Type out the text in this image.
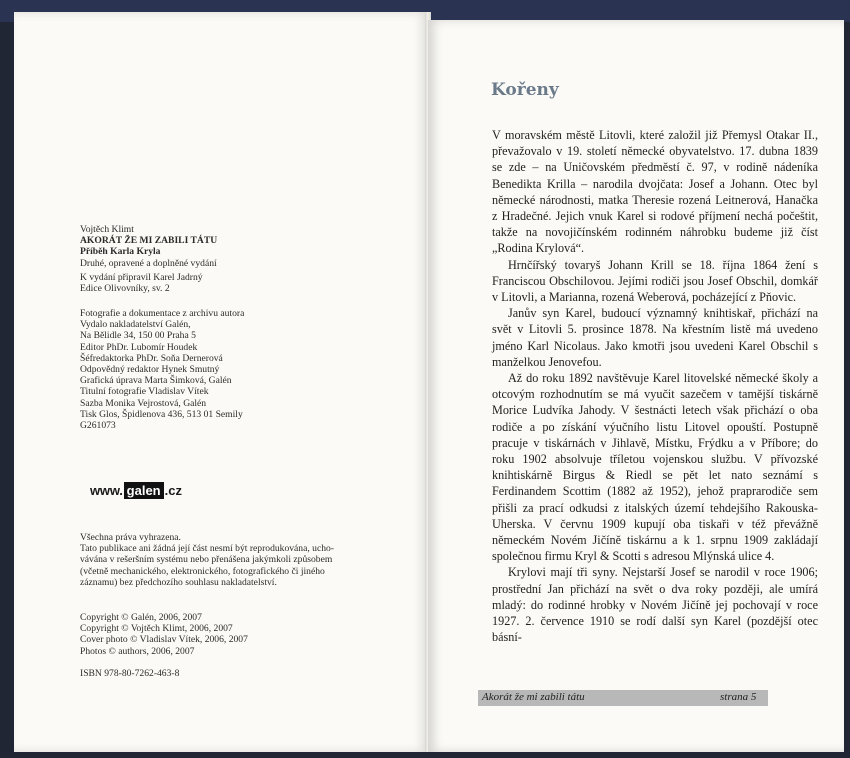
Vojtěch Klimt
AKORÁT ŽE MI ZABILI TÁTU
Příběh Karla Kryla
Druhé, opravené a doplněné vydání
K vydání připravil Karel Jadrný
Edice Olivovníky, sv. 2
Fotografie a dokumentace z archivu autora
Vydalo nakladatelství Galén,
Na Bělidle 34, 150 00 Praha 5
Editor PhDr. Lubomír Houdek
Šéfredaktorka PhDr. Soňa Dernerová
Odpovědný redaktor Hynek Smutný
Grafická úprava Marta Šimková, Galén
Titulní fotografie Vladislav Vítek
Sazba Monika Vejrostová, Galén
Tisk Glos, Špidlenova 436, 513 01 Semily
G261073
www. galen .cz
Všechna práva vyhrazena.
Tato publikace ani žádná její část nesmí být reprodukována, ucho-
vávána v rešeršním systému nebo přenášena jakýmkoli způsobem
(včetně mechanického, elektronického, fotografického či jiného
záznamu) bez předchozího souhlasu nakladatelství.
Copyright © Galén, 2006, 2007
Copyright © Vojtěch Klimt, 2006, 2007
Cover photo © Vladislav Vítek, 2006, 2007
Photos © authors, 2006, 2007
ISBN 978-80-7262-463-8
Kořeny

V moravském městě Litovli, které založil již Přemysl Otakar II., převažovalo v 19. století německé obyvatelstvo. 17. dubna 1839 se zde – na Uničovském předměstí č. 97, v rodině nádeníka Benedikta Krilla – narodila dvojčata: Josef a Johann. Otec byl německé národnosti, matka Theresie rozená Leitnerová, Hanačka z Hradečné. Jejich vnuk Karel si rodové příjmení nechá počeštit, takže na novojičínském rodinném náhrobku budeme již číst „Rodina Krylová“.

Hrnčířský tovaryš Johann Krill se 18. října 1864 žení s Franciscou Obschilovou. Jejími rodiči jsou Josef Obschil, domkář v Litovli, a Marianna, rozená Weberová, pocházející z Pňovic.

Janův syn Karel, budoucí významný knihtiskař, přichází na svět v Litovli 5. prosince 1878. Na křestním listě má uvedeno jméno Karl Nicolaus. Jako kmotři jsou uvedeni Karel Obschil s manželkou Jenovefou.

Až do roku 1892 navštěvuje Karel litovelské německé školy a otcovým rozhodnutím se má vyučit sazečem v tamější tiskárně Morice Ludvíka Jahody. V šestnácti letech však přichází o oba rodiče a po získání výučního listu Litovel opouští. Postupně pracuje v tiskárnách v Jihlavě, Místku, Frýdku a v Příbore; do roku 1902 absolvuje tříletou vojenskou službu. V přívozské knihtiskárně Birgus & Riedl se pět let nato seznámí s Ferdinandem Scottim (1882 až 1952), jehož praprarodiče sem přišli za prací odkudsi z italských území tehdejšího Rakouska-Uherska. V červnu 1909 kupují oba tiskaři v též převážně německém Novém Jičíně tiskárnu a k 1. srpnu 1909 zakládají společnou firmu Kryl & Scotti s adresou Mlýnská ulice 4.

Krylovi mají tři syny. Nejstarší Josef se narodil v roce 1906; prostřední Jan přichází na svět o dva roky později, ale umírá mladý: do rodinné hrobky v Novém Jičíně jej pochovají v roce 1927. 2. července 1910 se rodí další syn Karel (pozdější otec básní-

Akorát že mi zabili tátu	strana 5
